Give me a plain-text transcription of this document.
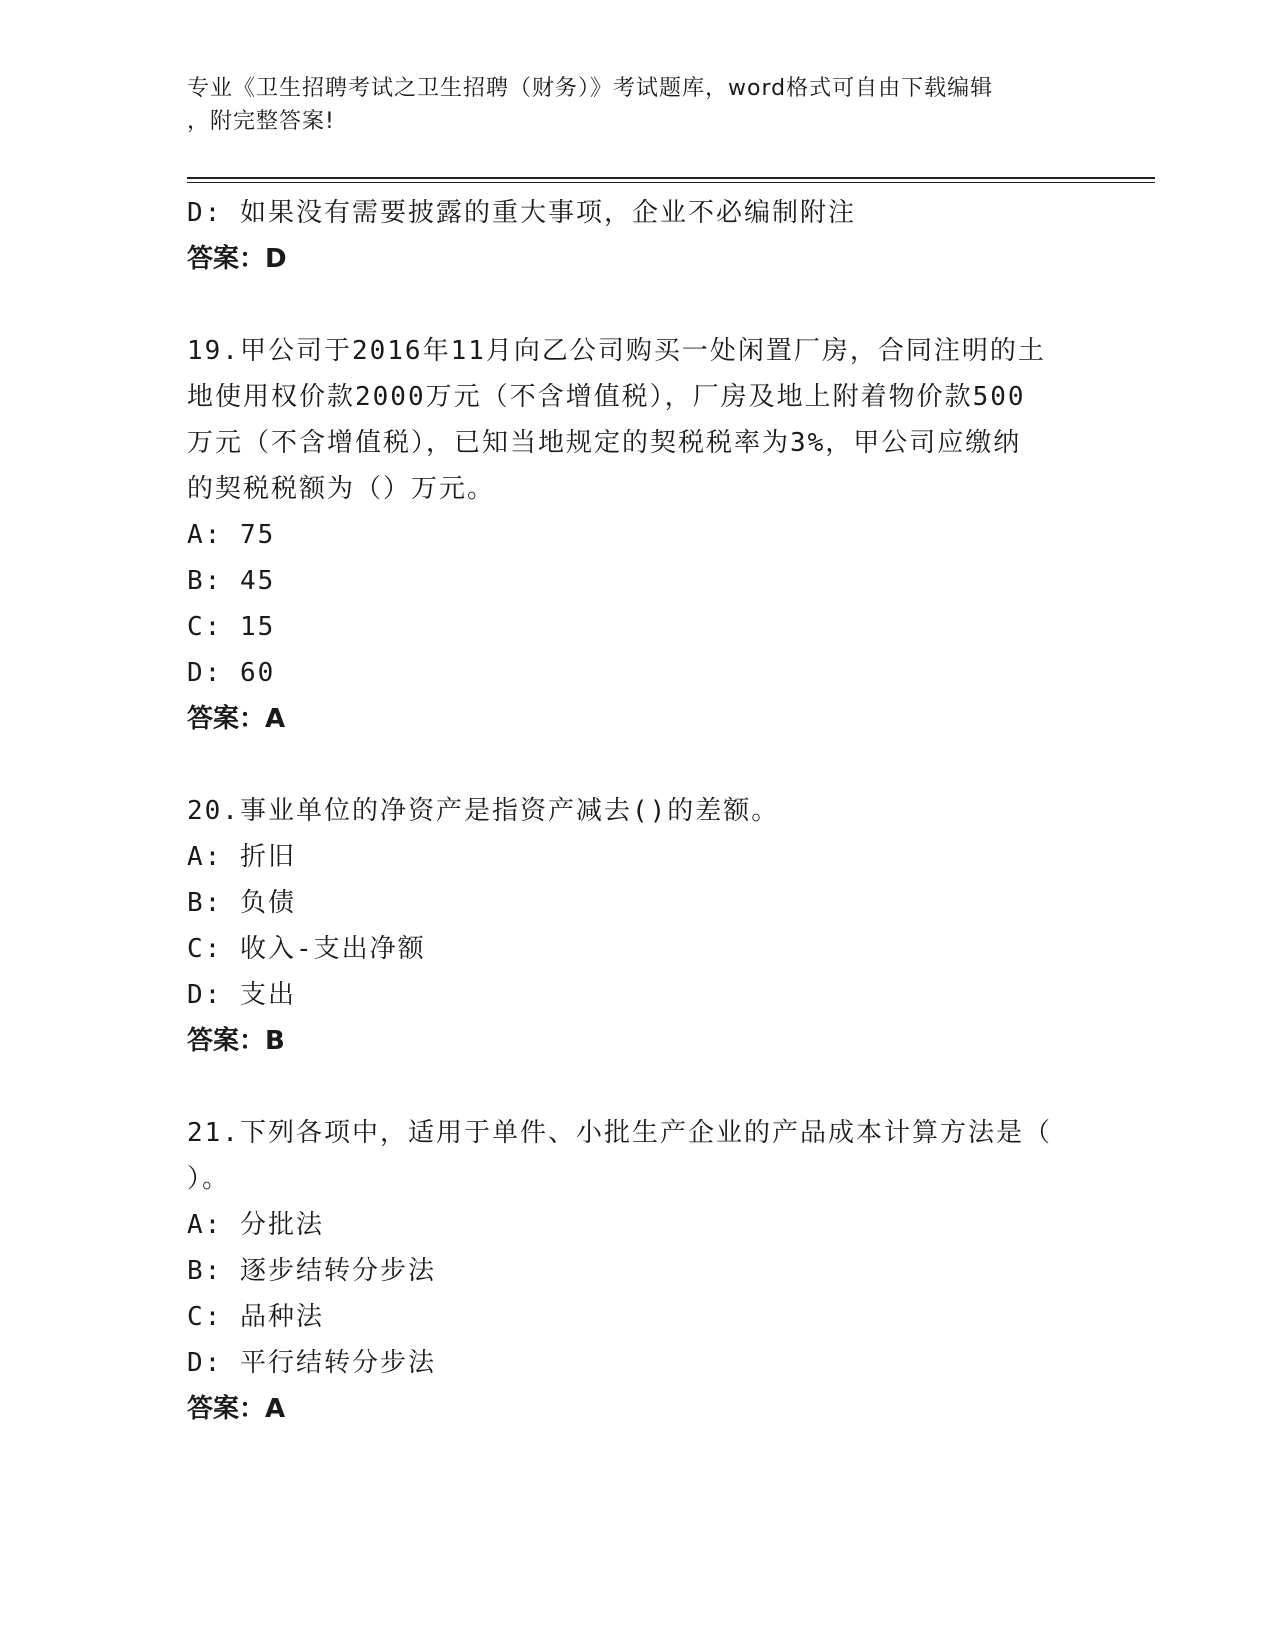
专业《卫生招聘考试之卫生招聘（财务）》考试题库，word格式可自由下载编辑
，附完整答案!
D: 如果没有需要披露的重大事项，企业不必编制附注
答案：D
19.甲公司于2016年11月向乙公司购买一处闲置厂房，合同注明的土
地使用权价款2000万元（不含增值税），厂房及地上附着物价款500
万元（不含增值税），已知当地规定的契税税率为3%，甲公司应缴纳
的契税税额为（）万元。
A: 75
B: 45
C: 15
D: 60
答案：A
20.事业单位的净资产是指资产减去()的差额。
A: 折旧
B: 负债
C: 收入-支出净额
D: 支出
答案：B
21.下列各项中，适用于单件、小批生产企业的产品成本计算方法是（
）。
A: 分批法
B: 逐步结转分步法
C: 品种法
D: 平行结转分步法
答案：A
